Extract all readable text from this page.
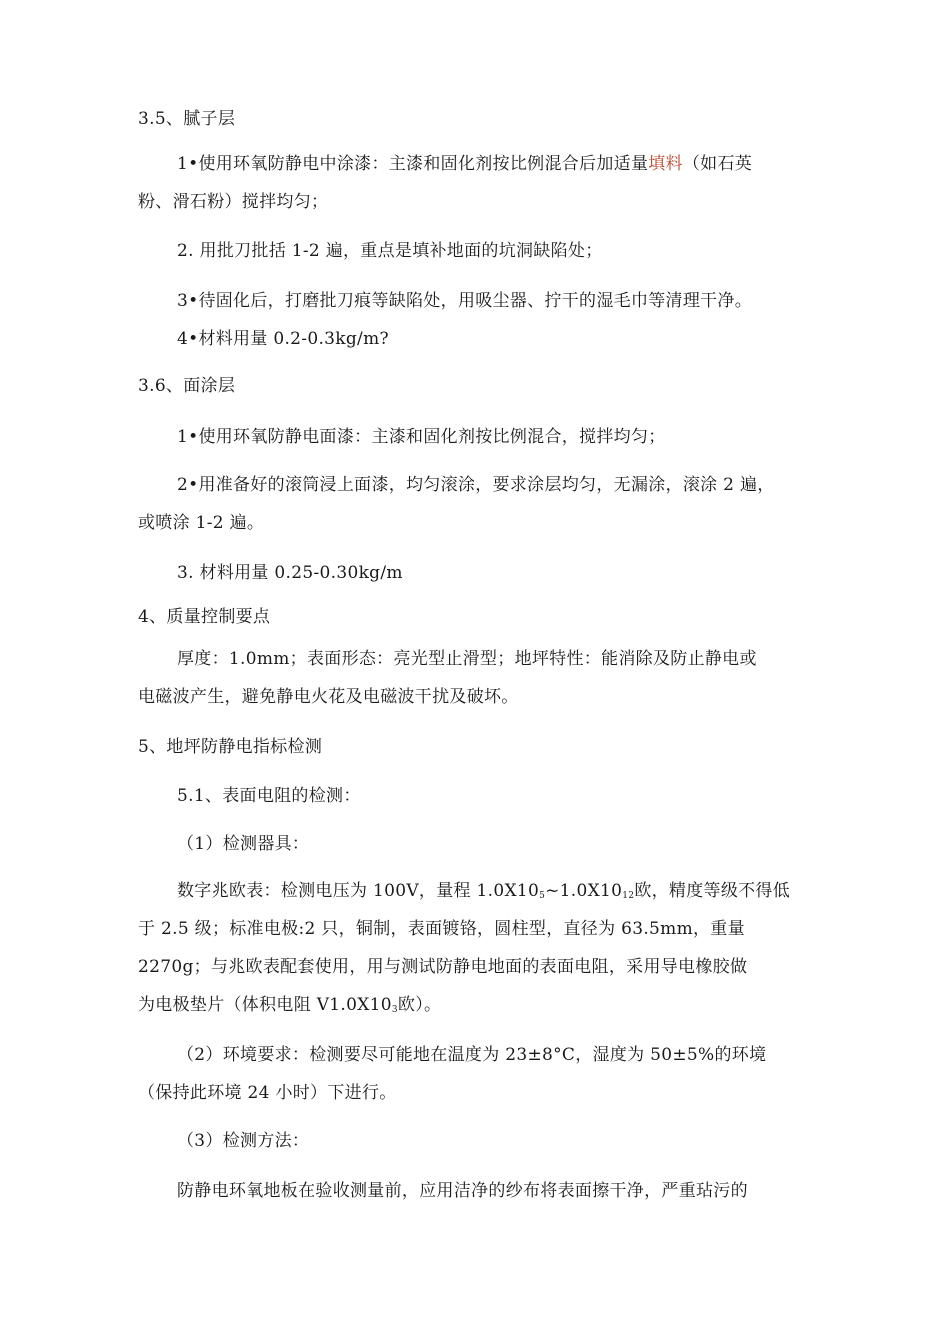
3.5、腻子层
1•使用环氧防静电中涂漆：主漆和固化剂按比例混合后加适量填料（如石英
粉、滑石粉）搅拌均匀；
2. 用批刀批括 1-2 遍，重点是填补地面的坑洞缺陷处；
3•待固化后，打磨批刀痕等缺陷处，用吸尘器、拧干的湿毛巾等清理干净。
4•材料用量 0.2-0.3kg/m?
3.6、面涂层
1•使用环氧防静电面漆：主漆和固化剂按比例混合，搅拌均匀；
2•用准备好的滚筒浸上面漆，均匀滚涂，要求涂层均匀，无漏涂，滚涂 2 遍，
或喷涂 1-2 遍。
3. 材料用量 0.25-0.30kg/m
4、质量控制要点
厚度：1.0mm；表面形态：亮光型止滑型；地坪特性：能消除及防止静电或
电磁波产生，避免静电火花及电磁波干扰及破坏。
5、地坪防静电指标检测
5.1、表面电阻的检测：
（1）检测器具：
数字兆欧表：检测电压为 100V，量程 $1.0X10_5\sim 1.0X10_{12}$欧，精度等级不得低
于 2.5 级；标准电极:2 只，铜制，表面镀铬，圆柱型，直径为 63.5mm，重量
2270g；与兆欧表配套使用，用与测试防静电地面的表面电阻，采用导电橡胶做
为电极垫片（体积电阻 $V1.0X10_3$欧）。
（2）环境要求：检测要尽可能地在温度为 23±8°C，湿度为 50±5%的环境
（保持此环境 24 小时）下进行。
（3）检测方法：
防静电环氧地板在验收测量前，应用洁净的纱布将表面擦干净，严重玷污的
